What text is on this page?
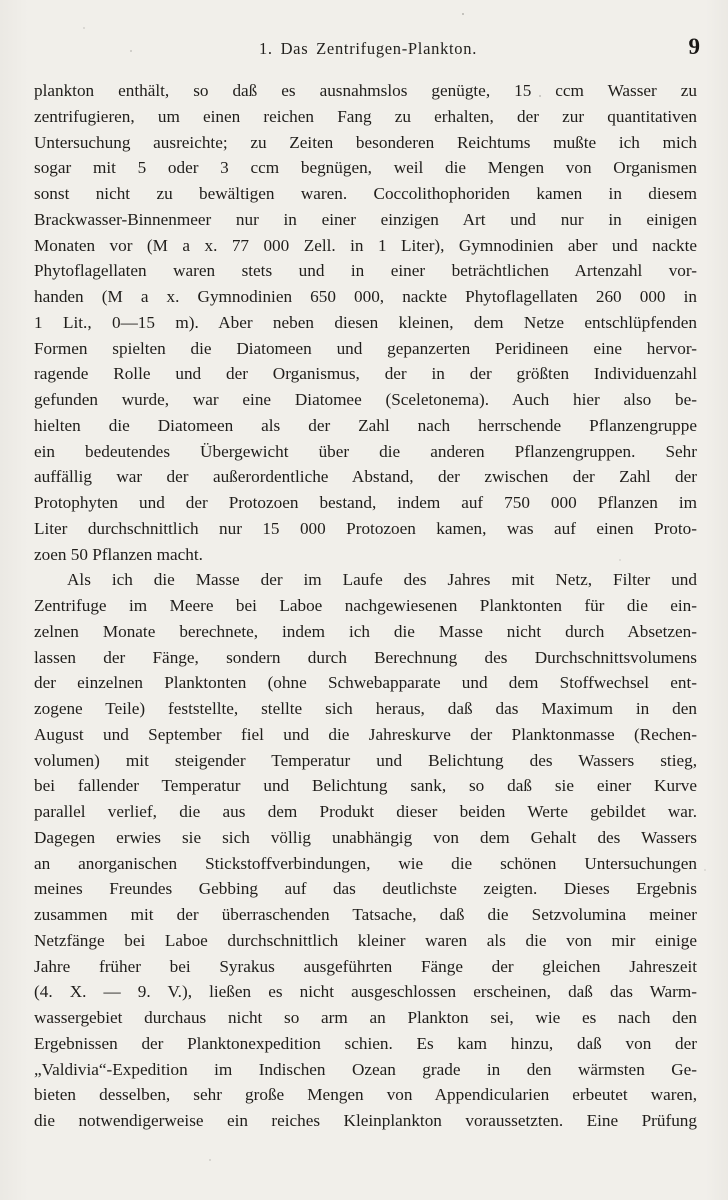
1. Das Zentrifugen-Plankton.	9
plankton enthält, so daß es ausnahmslos genügte, 15 ccm Wasser zu
zentrifugieren, um einen reichen Fang zu erhalten, der zur quantitativen
Untersuchung ausreichte; zu Zeiten besonderen Reichtums mußte ich mich
sogar mit 5 oder 3 ccm begnügen, weil die Mengen von Organismen
sonst nicht zu bewältigen waren. Coccolithophoriden kamen in diesem
Brackwasser-Binnenmeer nur in einer einzigen Art und nur in einigen
Monaten vor (M a x. 77 000 Zell. in 1 Liter), Gymnodinien aber und nackte
Phytoflagellaten waren stets und in einer beträchtlichen Artenzahl vor-
handen (M a x. Gymnodinien 650 000, nackte Phytoflagellaten 260 000 in
1 Lit., 0—15 m). Aber neben diesen kleinen, dem Netze entschlüpfenden
Formen spielten die Diatomeen und gepanzerten Peridineen eine hervor-
ragende Rolle und der Organismus, der in der größten Individuenzahl
gefunden wurde, war eine Diatomee (Sceletonema). Auch hier also be-
hielten die Diatomeen als der Zahl nach herrschende Pflanzengruppe
ein bedeutendes Übergewicht über die anderen Pflanzengruppen. Sehr
auffällig war der außerordentliche Abstand, der zwischen der Zahl der
Protophyten und der Protozoen bestand, indem auf 750 000 Pflanzen im
Liter durchschnittlich nur 15 000 Protozoen kamen, was auf einen Proto-
zoen 50 Pflanzen macht.
Als ich die Masse der im Laufe des Jahres mit Netz, Filter und
Zentrifuge im Meere bei Laboe nachgewiesenen Planktonten für die ein-
zelnen Monate berechnete, indem ich die Masse nicht durch Absetzen-
lassen der Fänge, sondern durch Berechnung des Durchschnittsvolumens
der einzelnen Planktonten (ohne Schwebapparate und dem Stoffwechsel ent-
zogene Teile) feststellte, stellte sich heraus, daß das Maximum in den
August und September fiel und die Jahreskurve der Planktonmasse (Rechen-
volumen) mit steigender Temperatur und Belichtung des Wassers stieg,
bei fallender Temperatur und Belichtung sank, so daß sie einer Kurve
parallel verlief, die aus dem Produkt dieser beiden Werte gebildet war.
Dagegen erwies sie sich völlig unabhängig von dem Gehalt des Wassers
an anorganischen Stickstoffverbindungen, wie die schönen Untersuchungen
meines Freundes Gebbing auf das deutlichste zeigten. Dieses Ergebnis
zusammen mit der überraschenden Tatsache, daß die Setzvolumina meiner
Netzfänge bei Laboe durchschnittlich kleiner waren als die von mir einige
Jahre früher bei Syrakus ausgeführten Fänge der gleichen Jahreszeit
(4. X. — 9. V.), ließen es nicht ausgeschlossen erscheinen, daß das Warm-
wassergebiet durchaus nicht so arm an Plankton sei, wie es nach den
Ergebnissen der Planktonexpedition schien. Es kam hinzu, daß von der
„Valdivia“-Expedition im Indischen Ozean grade in den wärmsten Ge-
bieten desselben, sehr große Mengen von Appendicularien erbeutet waren,
die notwendigerweise ein reiches Kleinplankton voraussetzten. Eine Prüfung
